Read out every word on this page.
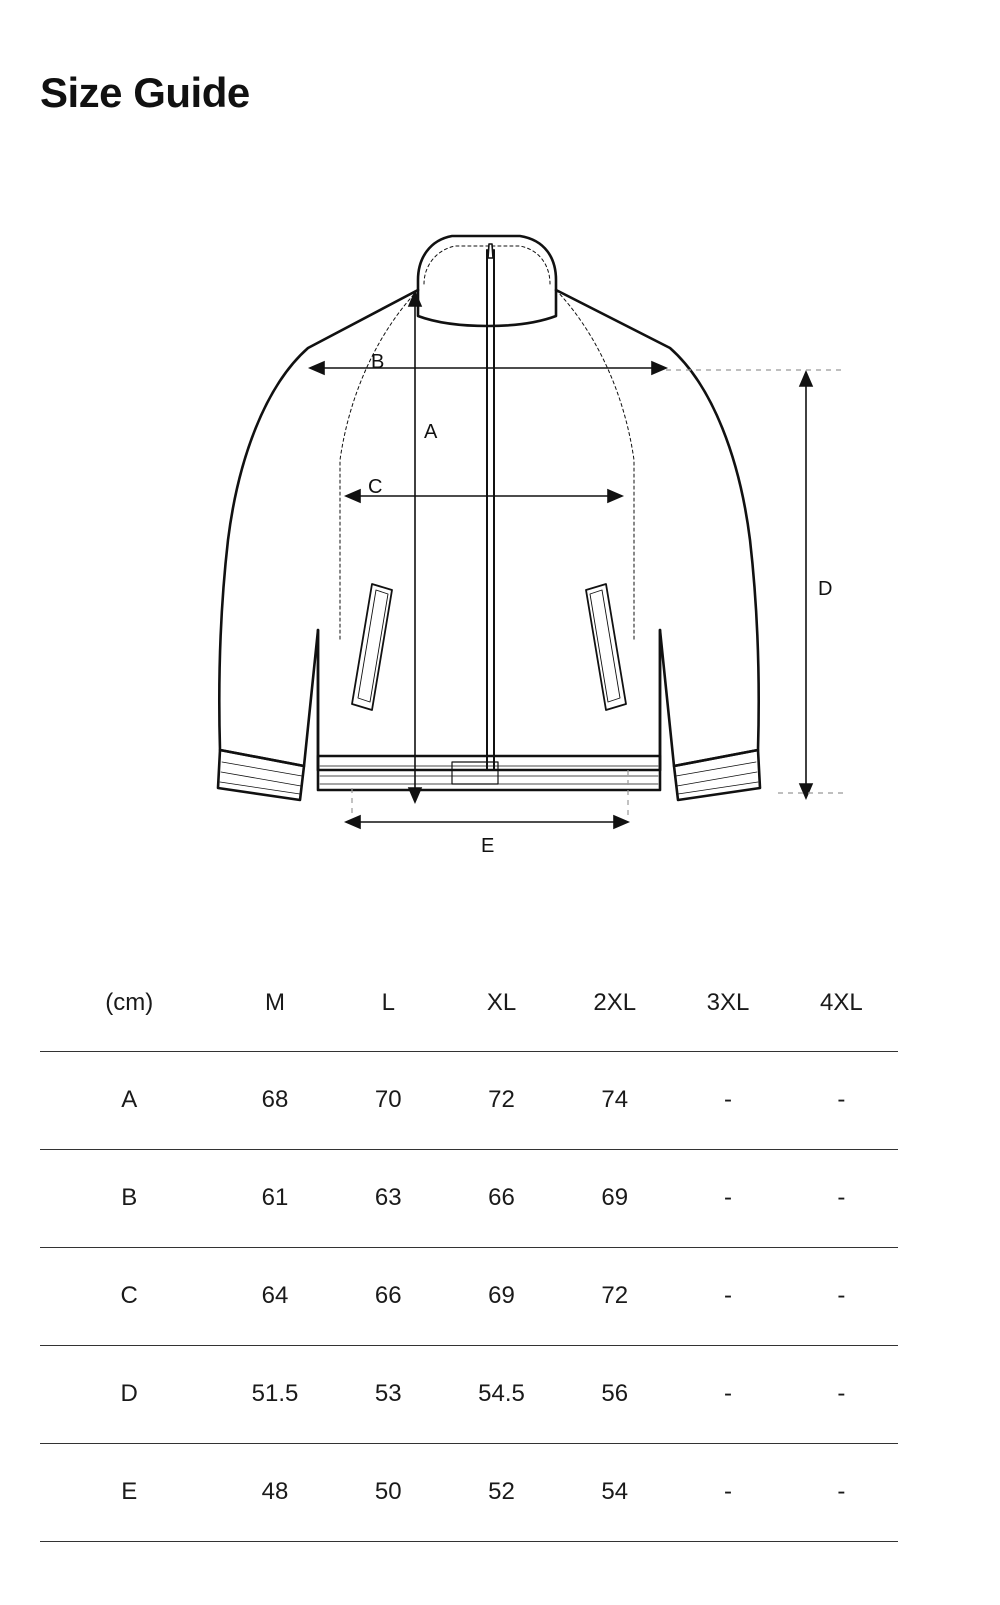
Size Guide
B
A
C
D
E
(cm)	M	L	XL	2XL	3XL	4XL
A	68	70	72	74	-	-
B	61	63	66	69	-	-
C	64	66	69	72	-	-
D	51.5	53	54.5	56	-	-
E	48	50	52	54	-	-
